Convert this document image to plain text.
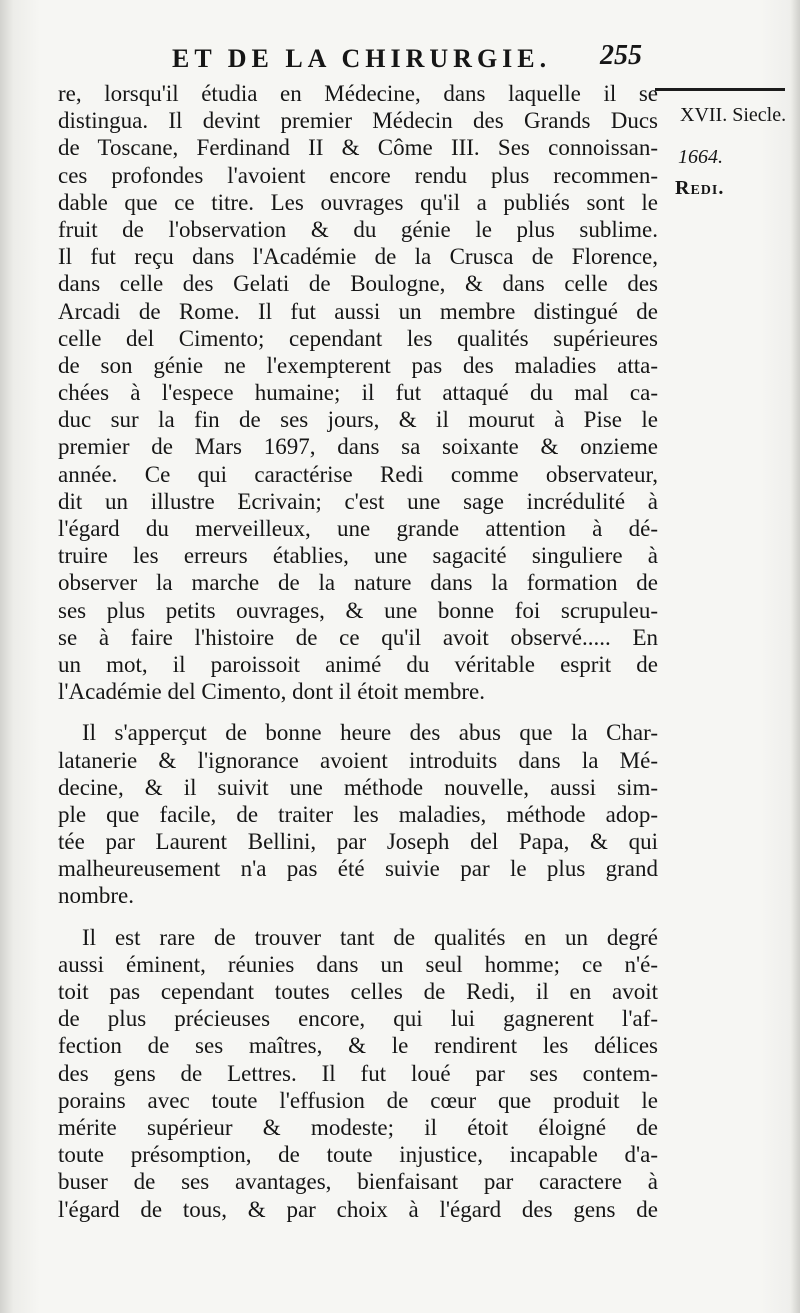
ET DE LA CHIRURGIE.	255
XVII. Siecle.
1664.
Redi.
re, lorsqu'il étudia en Médecine, dans laquelle il se
distingua. Il devint premier Médecin des Grands Ducs
de Toscane, Ferdinand II & Côme III. Ses connoissan-
ces profondes l'avoient encore rendu plus recommen-
dable que ce titre. Les ouvrages qu'il a publiés sont le
fruit de l'observation & du génie le plus sublime.
Il fut reçu dans l'Académie de la Crusca de Florence,
dans celle des Gelati de Boulogne, & dans celle des
Arcadi de Rome. Il fut aussi un membre distingué de
celle del Cimento; cependant les qualités supérieures
de son génie ne l'exempterent pas des maladies atta-
chées à l'espece humaine; il fut attaqué du mal ca-
duc sur la fin de ses jours, & il mourut à Pise le
premier de Mars 1697, dans sa soixante & onzieme
année. Ce qui caractérise Redi comme observateur,
dit un illustre Ecrivain; c'est une sage incrédulité à
l'égard du merveilleux, une grande attention à dé-
truire les erreurs établies, une sagacité singuliere à
observer la marche de la nature dans la formation de
ses plus petits ouvrages, & une bonne foi scrupuleu-
se à faire l'histoire de ce qu'il avoit observé..... En
un mot, il paroissoit animé du véritable esprit de
l'Académie del Cimento, dont il étoit membre.
Il s'apperçut de bonne heure des abus que la Char-
latanerie & l'ignorance avoient introduits dans la Mé-
decine, & il suivit une méthode nouvelle, aussi sim-
ple que facile, de traiter les maladies, méthode adop-
tée par Laurent Bellini, par Joseph del Papa, & qui
malheureusement n'a pas été suivie par le plus grand
nombre.
Il est rare de trouver tant de qualités en un degré
aussi éminent, réunies dans un seul homme; ce n'é-
toit pas cependant toutes celles de Redi, il en avoit
de plus précieuses encore, qui lui gagnerent l'af-
fection de ses maîtres, & le rendirent les délices
des gens de Lettres. Il fut loué par ses contem-
porains avec toute l'effusion de cœur que produit le
mérite supérieur & modeste; il étoit éloigné de
toute présomption, de toute injustice, incapable d'a-
buser de ses avantages, bienfaisant par caractere à
l'égard de tous, & par choix à l'égard des gens de
